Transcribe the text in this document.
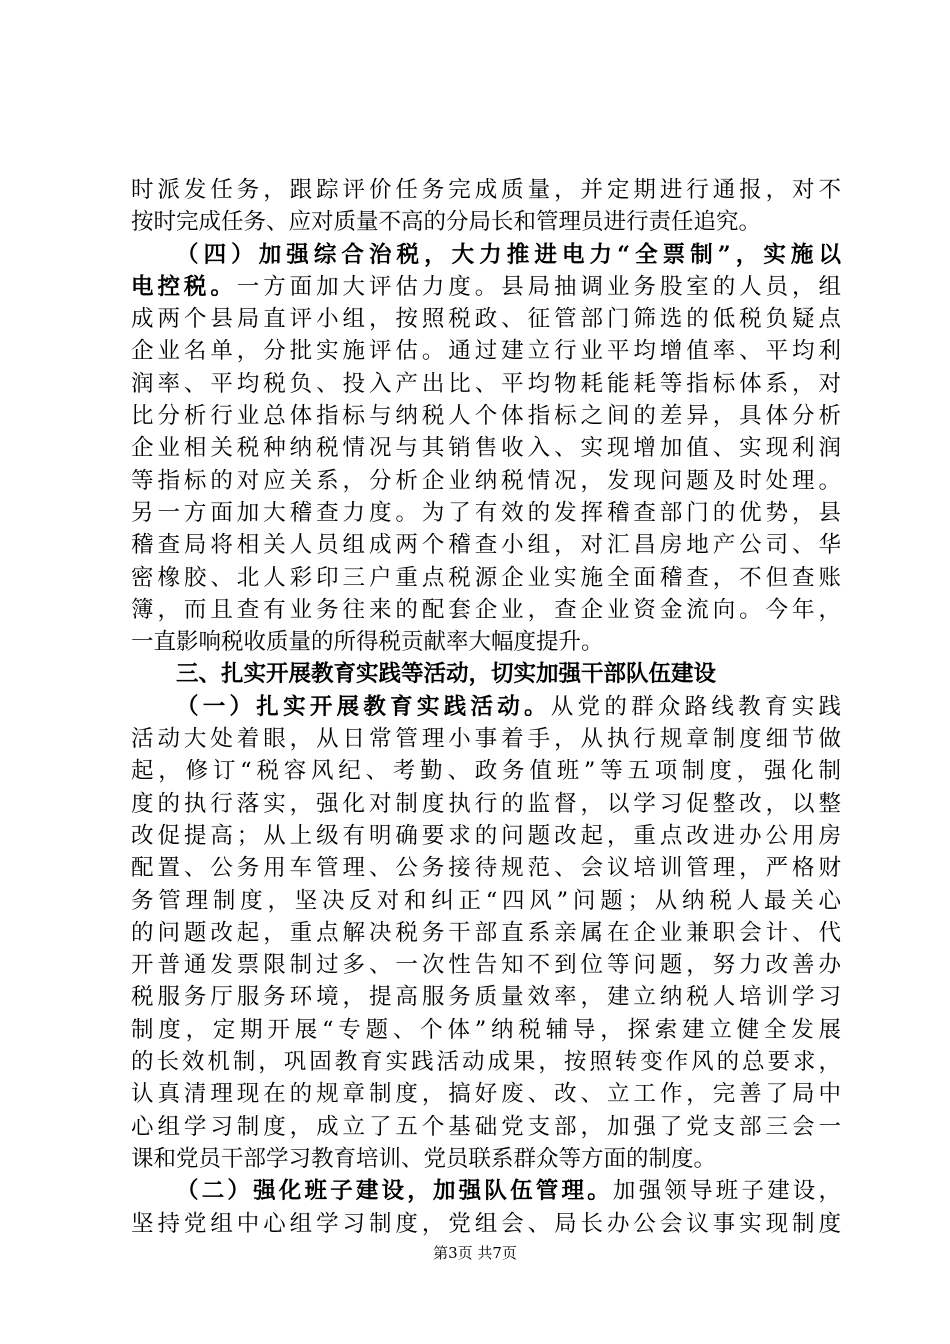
时派发任务，跟踪评价任务完成质量，并定期进行通报，对不
按时完成任务、应对质量不高的分局长和管理员进行责任追究。
（四）加强综合治税，大力推进电力“全票制”，实施以
电控税。一方面加大评估力度。县局抽调业务股室的人员，组
成两个县局直评小组，按照税政、征管部门筛选的低税负疑点
企业名单，分批实施评估。通过建立行业平均增值率、平均利
润率、平均税负、投入产出比、平均物耗能耗等指标体系，对
比分析行业总体指标与纳税人个体指标之间的差异，具体分析
企业相关税种纳税情况与其销售收入、实现增加值、实现利润
等指标的对应关系，分析企业纳税情况，发现问题及时处理。
另一方面加大稽查力度。为了有效的发挥稽查部门的优势，县
稽查局将相关人员组成两个稽查小组，对汇昌房地产公司、华
密橡胶、北人彩印三户重点税源企业实施全面稽查，不但查账
簿，而且查有业务往来的配套企业，查企业资金流向。今年，
一直影响税收质量的所得税贡献率大幅度提升。
三、扎实开展教育实践等活动，切实加强干部队伍建设
（一）扎实开展教育实践活动。从党的群众路线教育实践
活动大处着眼，从日常管理小事着手，从执行规章制度细节做
起，修订“税容风纪、考勤、政务值班”等五项制度，强化制
度的执行落实，强化对制度执行的监督，以学习促整改，以整
改促提高；从上级有明确要求的问题改起，重点改进办公用房
配置、公务用车管理、公务接待规范、会议培训管理，严格财
务管理制度，坚决反对和纠正“四风”问题；从纳税人最关心
的问题改起，重点解决税务干部直系亲属在企业兼职会计、代
开普通发票限制过多、一次性告知不到位等问题，努力改善办
税服务厅服务环境，提高服务质量效率，建立纳税人培训学习
制度，定期开展“专题、个体”纳税辅导，探索建立健全发展
的长效机制，巩固教育实践活动成果，按照转变作风的总要求，
认真清理现在的规章制度，搞好废、改、立工作，完善了局中
心组学习制度，成立了五个基础党支部，加强了党支部三会一
课和党员干部学习教育培训、党员联系群众等方面的制度。
（二）强化班子建设，加强队伍管理。加强领导班子建设，
坚持党组中心组学习制度，党组会、局长办公会议事实现制度
第3页 共7页
